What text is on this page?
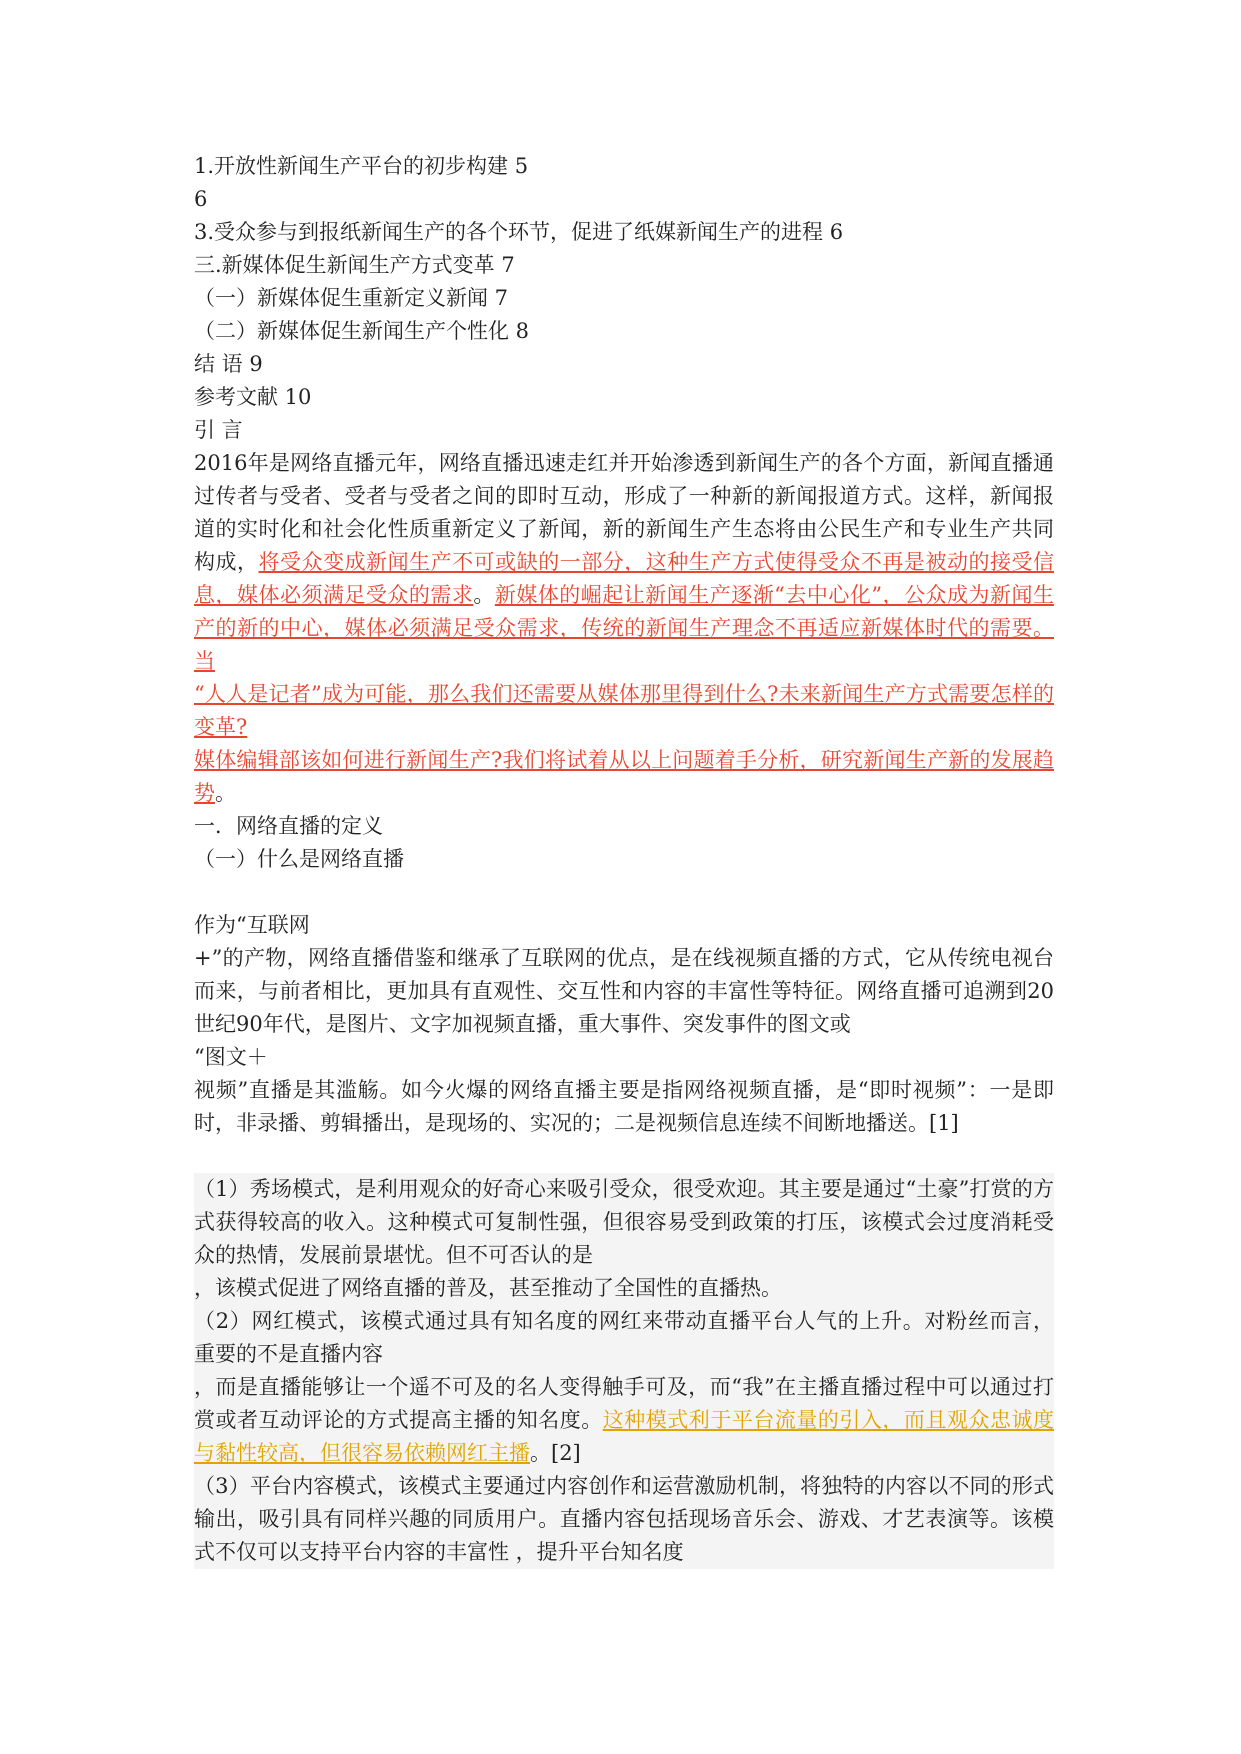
1.开放性新闻生产平台的初步构建 5
6
3.受众参与到报纸新闻生产的各个环节，促进了纸媒新闻生产的进程 6
三.新媒体促生新闻生产方式变革 7
（一）新媒体促生重新定义新闻 7
（二）新媒体促生新闻生产个性化 8
结 语 9
参考文献 10
引 言
2016年是网络直播元年，网络直播迅速走红并开始渗透到新闻生产的各个方面，新闻直播通过传者与受者、受者与受者之间的即时互动，形成了一种新的新闻报道方式。这样，新闻报道的实时化和社会化性质重新定义了新闻，新的新闻生产生态将由公民生产和专业生产共同构成，将受众变成新闻生产不可或缺的一部分，这种生产方式使得受众不再是被动的接受信息，媒体必须满足受众的需求。新媒体的崛起让新闻生产逐渐“去中心化”，公众成为新闻生产的新的中心，媒体必须满足受众需求，传统的新闻生产理念不再适应新媒体时代的需要。当
“人人是记者”成为可能，那么我们还需要从媒体那里得到什么?未来新闻生产方式需要怎样的变革?
媒体编辑部该如何进行新闻生产?我们将试着从以上问题着手分析，研究新闻生产新的发展趋势。
一．网络直播的定义
（一）什么是网络直播
作为“互联网
+”的产物，网络直播借鉴和继承了互联网的优点，是在线视频直播的方式，它从传统电视台而来，与前者相比，更加具有直观性、交互性和内容的丰富性等特征。网络直播可追溯到20世纪90年代，是图片、文字加视频直播，重大事件、突发事件的图文或
“图文＋
视频”直播是其滥觞。如今火爆的网络直播主要是指网络视频直播，是“即时视频”：一是即时，非录播、剪辑播出，是现场的、实况的；二是视频信息连续不间断地播送。[1]
（1）秀场模式，是利用观众的好奇心来吸引受众，很受欢迎。其主要是通过“土豪”打赏的方式获得较高的收入。这种模式可复制性强，但很容易受到政策的打压，该模式会过度消耗受众的热情，发展前景堪忧。但不可否认的是
，该模式促进了网络直播的普及，甚至推动了全国性的直播热。
（2）网红模式，该模式通过具有知名度的网红来带动直播平台人气的上升。对粉丝而言， 重要的不是直播内容
，而是直播能够让一个遥不可及的名人变得触手可及，而“我”在主播直播过程中可以通过打赏或者互动评论的方式提高主播的知名度。这种模式利于平台流量的引入，而且观众忠诚度与黏性较高，但很容易依赖网红主播。[2]
（3）平台内容模式，该模式主要通过内容创作和运营激励机制，将独特的内容以不同的形式输出，吸引具有同样兴趣的同质用户。直播内容包括现场音乐会、游戏、才艺表演等。该模式不仅可以支持平台内容的丰富性 ，提升平台知名度
